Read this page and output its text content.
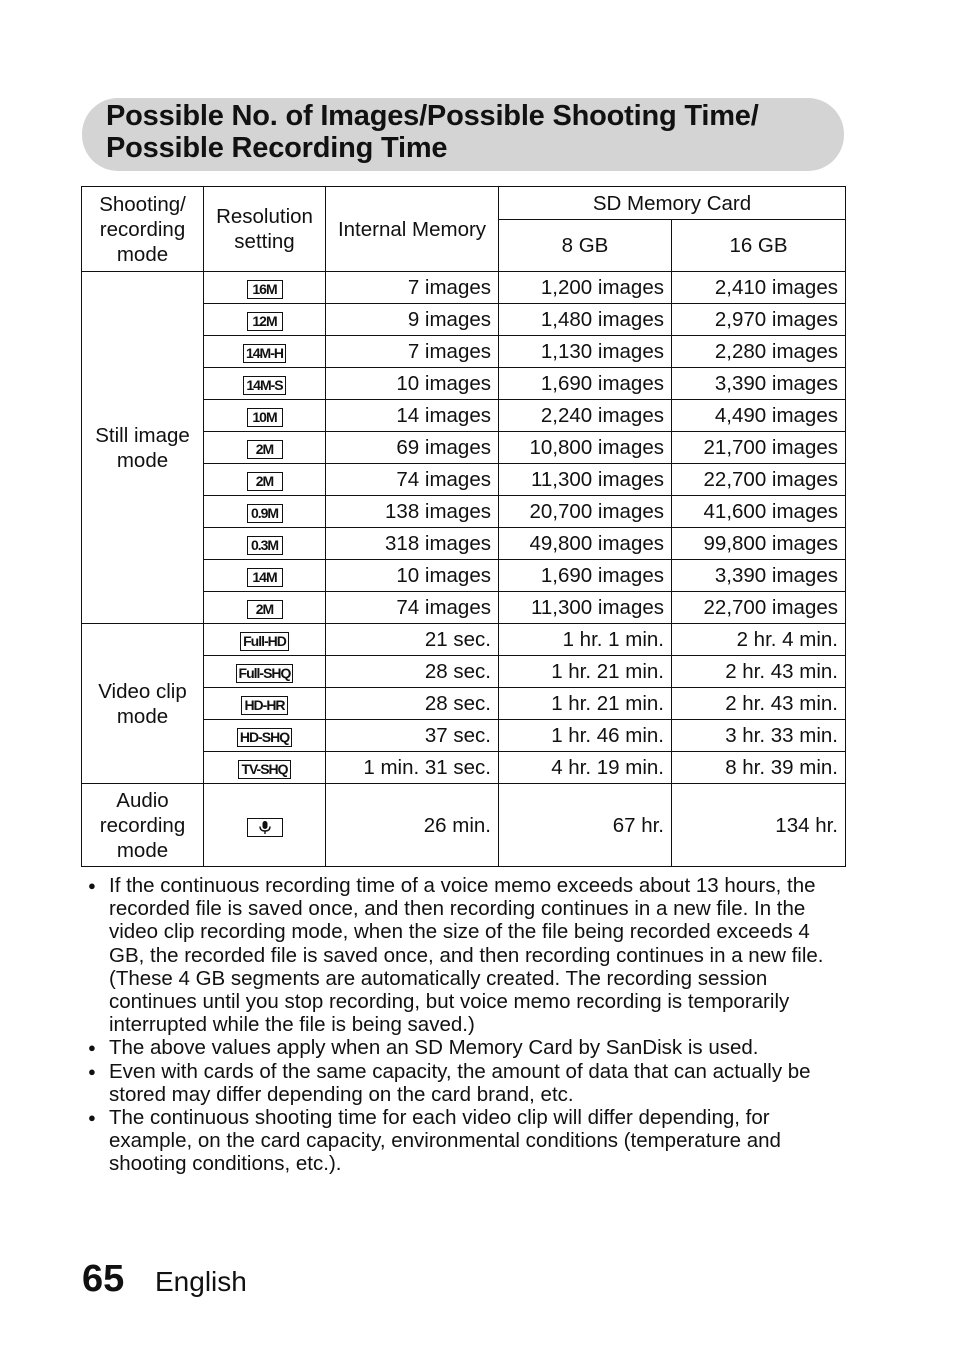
Possible No. of Images/Possible Shooting Time/
Possible Recording Time
Shooting/ recording mode	Resolution setting	Internal Memory	SD Memory Card	
			8 GB	16 GB
Still image mode	16M	7 images	1,200 images	2,410 images
	12M	9 images	1,480 images	2,970 images
	14M-H	7 images	1,130 images	2,280 images
	14M-S	10 images	1,690 images	3,390 images
	10M	14 images	2,240 images	4,490 images
	2M	69 images	10,800 images	21,700 images
	2M	74 images	11,300 images	22,700 images
	0.9M	138 images	20,700 images	41,600 images
	0.3M	318 images	49,800 images	99,800 images
	14M	10 images	1,690 images	3,390 images
	2M	74 images	11,300 images	22,700 images
Video clip mode	Full-HD	21 sec.	1 hr. 1 min.	2 hr. 4 min.
	Full-SHQ	28 sec.	1 hr. 21 min.	2 hr. 43 min.
	HD-HR	28 sec.	1 hr. 21 min.	2 hr. 43 min.
	HD-SHQ	37 sec.	1 hr. 46 min.	3 hr. 33 min.
	TV-SHQ	1 min. 31 sec.	4 hr. 19 min.	8 hr. 39 min.
Audio recording mode		26 min.	67 hr.	134 hr.
● If the continuous recording time of a voice memo exceeds about 13 hours, the recorded file is saved once, and then recording continues in a new file. In the video clip recording mode, when the size of the file being recorded exceeds 4 GB, the recorded file is saved once, and then recording continues in a new file. (These 4 GB segments are automatically created. The recording session continues until you stop recording, but voice memo recording is temporarily interrupted while the file is being saved.)
● The above values apply when an SD Memory Card by SanDisk is used.
● Even with cards of the same capacity, the amount of data that can actually be stored may differ depending on the card brand, etc.
● The continuous shooting time for each video clip will differ depending, for example, on the card capacity, environmental conditions (temperature and shooting conditions, etc.).
65 English
